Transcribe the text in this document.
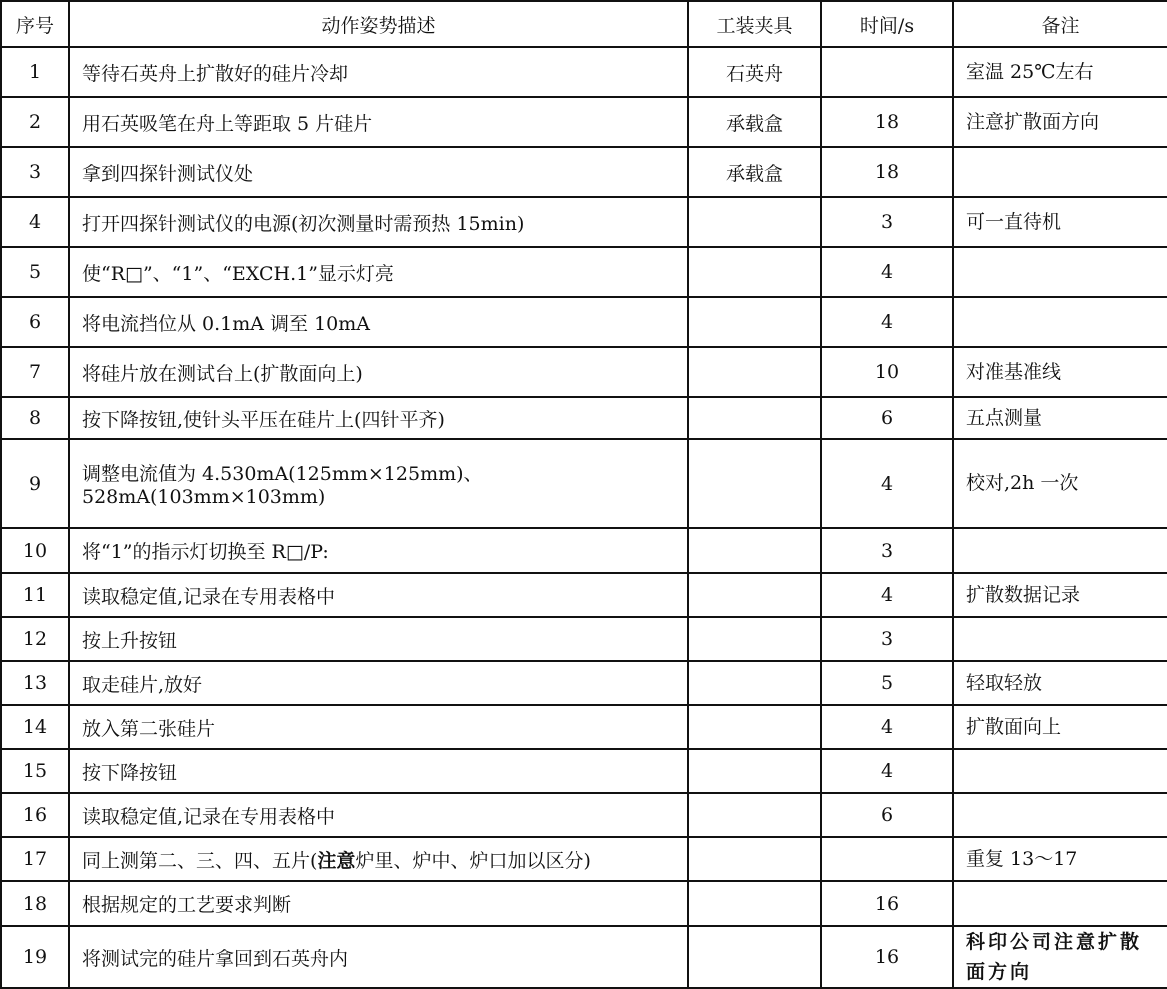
序号	动作姿势描述	工装夹具	时间/s	备注
1	等待石英舟上扩散好的硅片冷却	石英舟		室温 25℃左右
2	用石英吸笔在舟上等距取 5 片硅片	承载盒	18	注意扩散面方向
3	拿到四探针测试仪处	承载盒	18	
4	打开四探针测试仪的电源(初次测量时需预热 15min)		3	可一直待机
5	使“R□”、“1”、“EXCH.1”显示灯亮		4	
6	将电流挡位从 0.1mA 调至 10mA		4	
7	将硅片放在测试台上(扩散面向上)		10	对准基准线
8	按下降按钮,使针头平压在硅片上(四针平齐)		6	五点测量
9	调整电流值为 4.530mA(125mm×125mm)、528mA(103mm×103mm)		4	校对,2h 一次
10	将“1”的指示灯切换至 R□/P:		3	
11	读取稳定值,记录在专用表格中		4	扩散数据记录
12	按上升按钮		3	
13	取走硅片,放好		5	轻取轻放
14	放入第二张硅片		4	扩散面向上
15	按下降按钮		4	
16	读取稳定值,记录在专用表格中		6	
17	同上测第二、三、四、五片(注意炉里、炉中、炉口加以区分)			重复 13～17
18	根据规定的工艺要求判断		16	
19	将测试完的硅片拿回到石英舟内		16	科印公司注意扩散面方向
